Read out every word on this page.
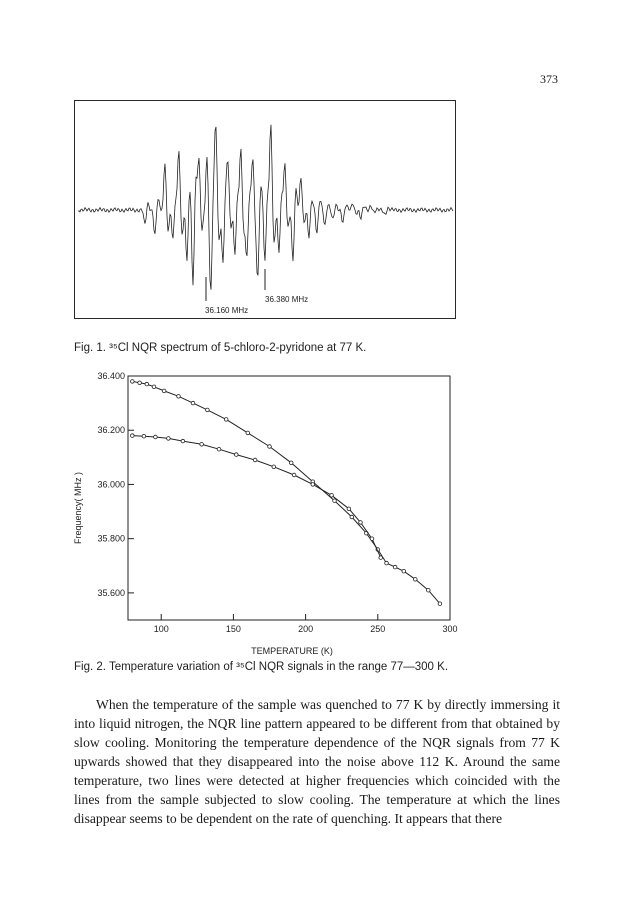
373
36.160 MHz
36.380 MHz
Fig. 1. ³⁵Cl NQR spectrum of 5-chloro-2-pyridone at 77 K.
100	150	200	250	300
35.600
35.800
36.000
36.200
36.400
TEMPERATURE (K)
Frequency( MHz )
Fig. 2. Temperature variation of ³⁵Cl NQR signals in the range 77—300 K.

When the temperature of the sample was quenched to 77 K by directly immersing it into liquid nitrogen, the NQR line pattern appeared to be different from that obtained by slow cooling. Monitoring the temperature dependence of the NQR signals from 77 K upwards showed that they disappeared into the noise above 112 K. Around the same temperature, two lines were detected at higher frequencies which coincided with the lines from the sample subjected to slow cooling. The temperature at which the lines disappear seems to be dependent on the rate of quenching. It appears that there
